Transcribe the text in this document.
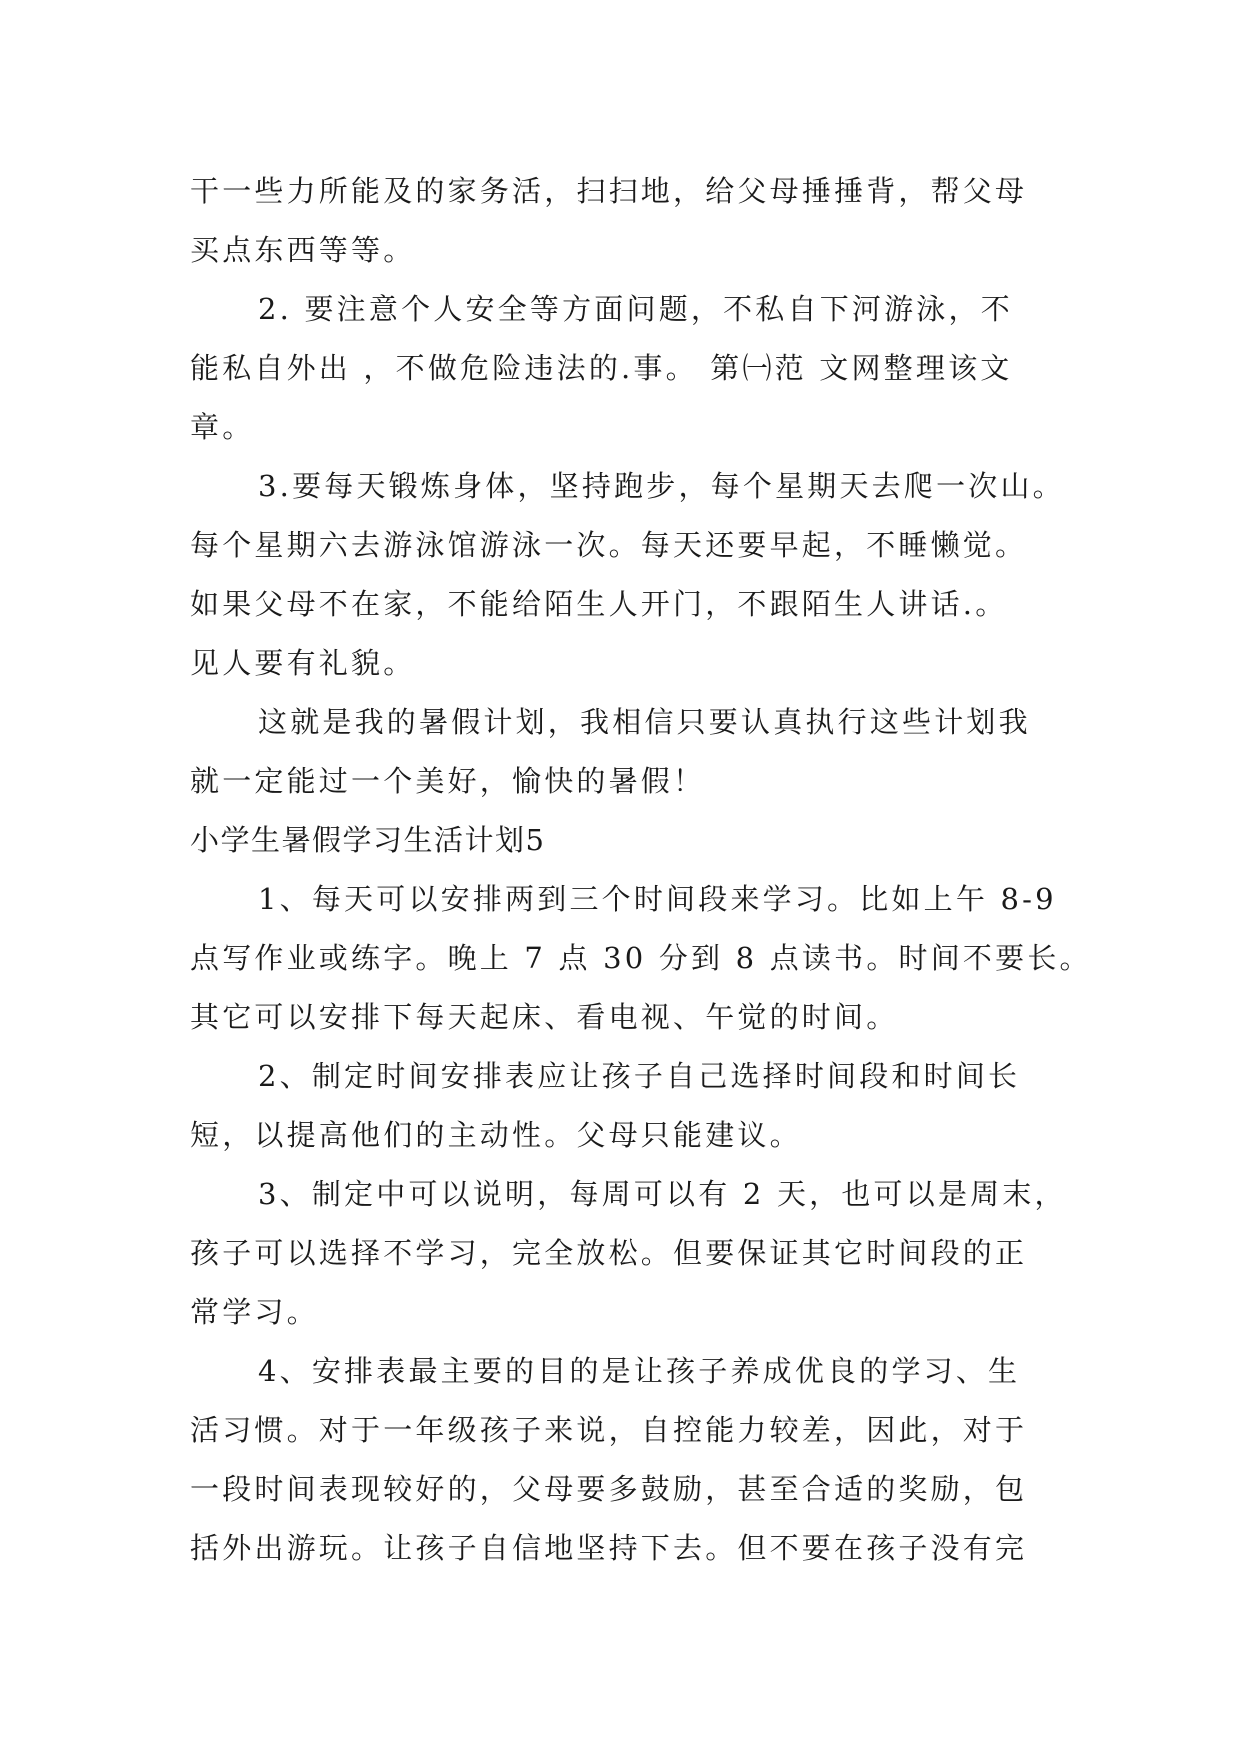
干一些力所能及的家务活，扫扫地，给父母捶捶背，帮父母

买点东西等等。

2. 要注意个人安全等方面问题，不私自下河游泳，不

能私自外出 ，不做危险违法的.事。 第㈠范 文网整理该文

章。

3.要每天锻炼身体，坚持跑步，每个星期天去爬一次山。

每个星期六去游泳馆游泳一次。每天还要早起，不睡懒觉。

如果父母不在家，不能给陌生人开门，不跟陌生人讲话.。

见人要有礼貌。

这就是我的暑假计划，我相信只要认真执行这些计划我

就一定能过一个美好，愉快的暑假！

小学生暑假学习生活计划5

1、每天可以安排两到三个时间段来学习。比如上午 8-9

点写作业或练字。晚上 7 点 30 分到 8 点读书。时间不要长。

其它可以安排下每天起床、看电视、午觉的时间。

2、制定时间安排表应让孩子自己选择时间段和时间长

短，以提高他们的主动性。父母只能建议。

3、制定中可以说明，每周可以有 2 天，也可以是周末，

孩子可以选择不学习，完全放松。但要保证其它时间段的正

常学习。

4、安排表最主要的目的是让孩子养成优良的学习、生

活习惯。对于一年级孩子来说，自控能力较差，因此，对于

一段时间表现较好的，父母要多鼓励，甚至合适的奖励，包

括外出游玩。让孩子自信地坚持下去。但不要在孩子没有完
